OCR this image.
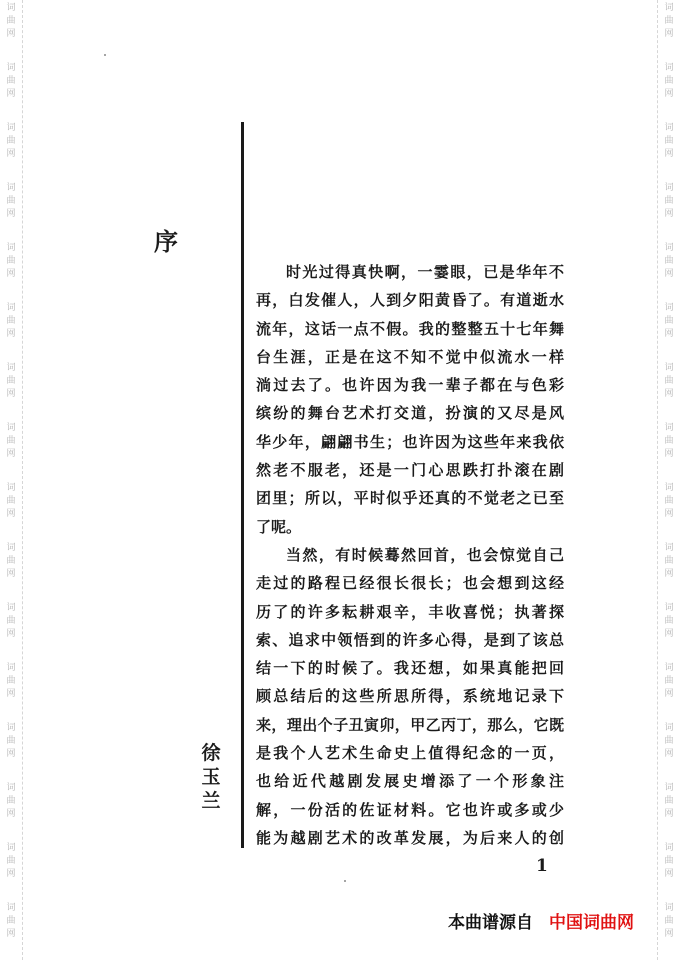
词
曲
网
词
曲
网
词
曲
网
词
曲
网
词
曲
网
词
曲
网
词
曲
网
词
曲
网
词
曲
网
词
曲
网
词
曲
网
词
曲
网
词
曲
网
词
曲
网
词
曲
网
词
曲
网
词
曲
网
词
曲
网
词
曲
网
词
曲
网
词
曲
网
词
曲
网
词
曲
网
词
曲
网
词
曲
网
词
曲
网
词
曲
网
词
曲
网
词
曲
网
词
曲
网
词
曲
网
词
曲
网
序
徐
玉
兰
时光过得真快啊，一霎眼，已是华年不
再，白发催人，人到夕阳黄昏了。有道逝水
流年，这话一点不假。我的整整五十七年舞
台生涯，正是在这不知不觉中似流水一样
淌过去了。也许因为我一辈子都在与色彩
缤纷的舞台艺术打交道，扮演的又尽是风
华少年，翩翩书生；也许因为这些年来我依
然老不服老，还是一门心思跌打扑滚在剧
团里；所以，平时似乎还真的不觉老之已至
了呢。
当然，有时候蓦然回首，也会惊觉自己
走过的路程已经很长很长；也会想到这经
历了的许多耘耕艰辛，丰收喜悦；执著探
索、追求中领悟到的许多心得，是到了该总
结一下的时候了。我还想，如果真能把回
顾总结后的这些所思所得，系统地记录下
来，理出个子丑寅卯，甲乙丙丁，那么，它既
是我个人艺术生命史上值得纪念的一页，
也给近代越剧发展史增添了一个形象注
解，一份活的佐证材料。它也许或多或少
能为越剧艺术的改革发展，为后来人的创
1
本曲谱源自 中国词曲网
